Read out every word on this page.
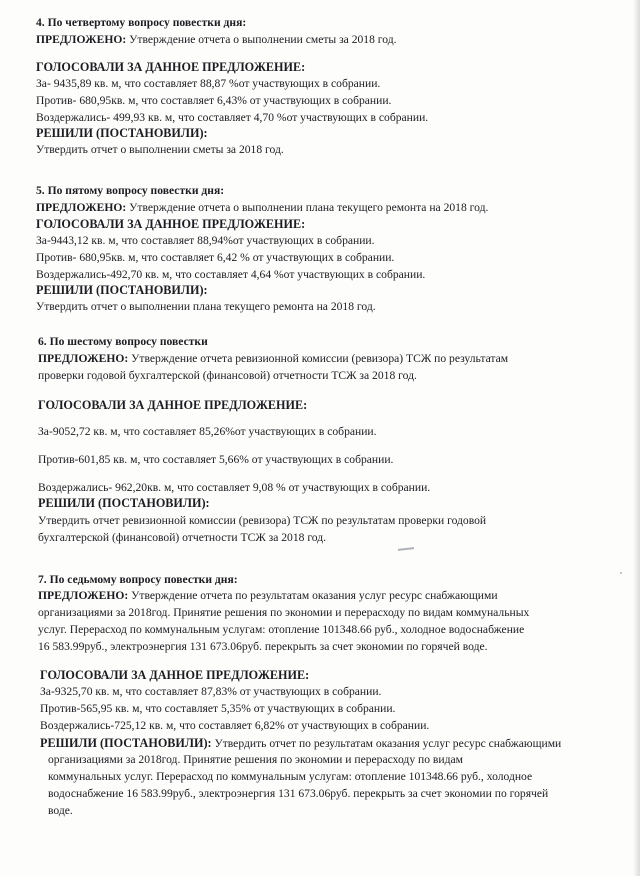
4. По четвертому вопросу повестки дня:
ПРЕДЛОЖЕНО: Утверждение отчета о выполнении сметы за 2018 год.
ГОЛОСОВАЛИ ЗА ДАННОЕ ПРЕДЛОЖЕНИЕ:
За- 9435,89 кв. м, что составляет 88,87 %от участвующих в собрании.
Против- 680,95кв. м, что составляет 6,43% от участвующих в собрании.
Воздержались- 499,93 кв. м, что составляет 4,70 %от участвующих в собрании.
РЕШИЛИ (ПОСТАНОВИЛИ):
Утвердить отчет о выполнении сметы за 2018 год.
5. По пятому вопросу повестки дня:
ПРЕДЛОЖЕНО: Утверждение отчета о выполнении плана текущего ремонта на 2018 год.
ГОЛОСОВАЛИ ЗА ДАННОЕ ПРЕДЛОЖЕНИЕ:
За-9443,12 кв. м, что составляет 88,94%от участвующих в собрании.
Против- 680,95кв. м, что составляет 6,42 % от участвующих в собрании.
Воздержались-492,70 кв. м, что составляет 4,64 %от участвующих в собрании.
РЕШИЛИ (ПОСТАНОВИЛИ):
Утвердить отчет о выполнении плана текущего ремонта на 2018 год.
6. По шестому вопросу повестки
ПРЕДЛОЖЕНО: Утверждение отчета ревизионной комиссии (ревизора) ТСЖ по результатам
проверки годовой бухгалтерской (финансовой) отчетности ТСЖ за 2018 год.
ГОЛОСОВАЛИ ЗА ДАННОЕ ПРЕДЛОЖЕНИЕ:
За-9052,72 кв. м, что составляет 85,26%от участвующих в собрании.
Против-601,85 кв. м, что составляет 5,66% от участвующих в собрании.
Воздержались- 962,20кв. м, что составляет 9,08 % от участвующих в собрании.
РЕШИЛИ (ПОСТАНОВИЛИ):
Утвердить отчет ревизионной комиссии (ревизора) ТСЖ по результатам проверки годовой
бухгалтерской (финансовой) отчетности ТСЖ за 2018 год.
7. По седьмому вопросу повестки дня:
ПРЕДЛОЖЕНО: Утверждение отчета по результатам оказания услуг ресурс снабжающими
организациями за 2018год. Принятие решения по экономии и перерасходу по видам коммунальных
услуг. Перерасход по коммунальным услугам: отопление 101348.66 руб., холодное водоснабжение
16 583.99руб., электроэнергия 131 673.06руб. перекрыть за счет экономии по горячей воде.
ГОЛОСОВАЛИ ЗА ДАННОЕ ПРЕДЛОЖЕНИЕ:
За-9325,70 кв. м, что составляет 87,83% от участвующих в собрании.
Против-565,95 кв. м, что составляет 5,35% от участвующих в собрании.
Воздержались-725,12 кв. м, что составляет 6,82% от участвующих в собрании.
РЕШИЛИ (ПОСТАНОВИЛИ): Утвердить отчет по результатам оказания услуг ресурс снабжающими
организациями за 2018год. Принятие решения по экономии и перерасходу по видам
коммунальных услуг. Перерасход по коммунальным услугам: отопление 101348.66 руб., холодное
водоснабжение 16 583.99руб., электроэнергия 131 673.06руб. перекрыть за счет экономии по горячей
воде.
